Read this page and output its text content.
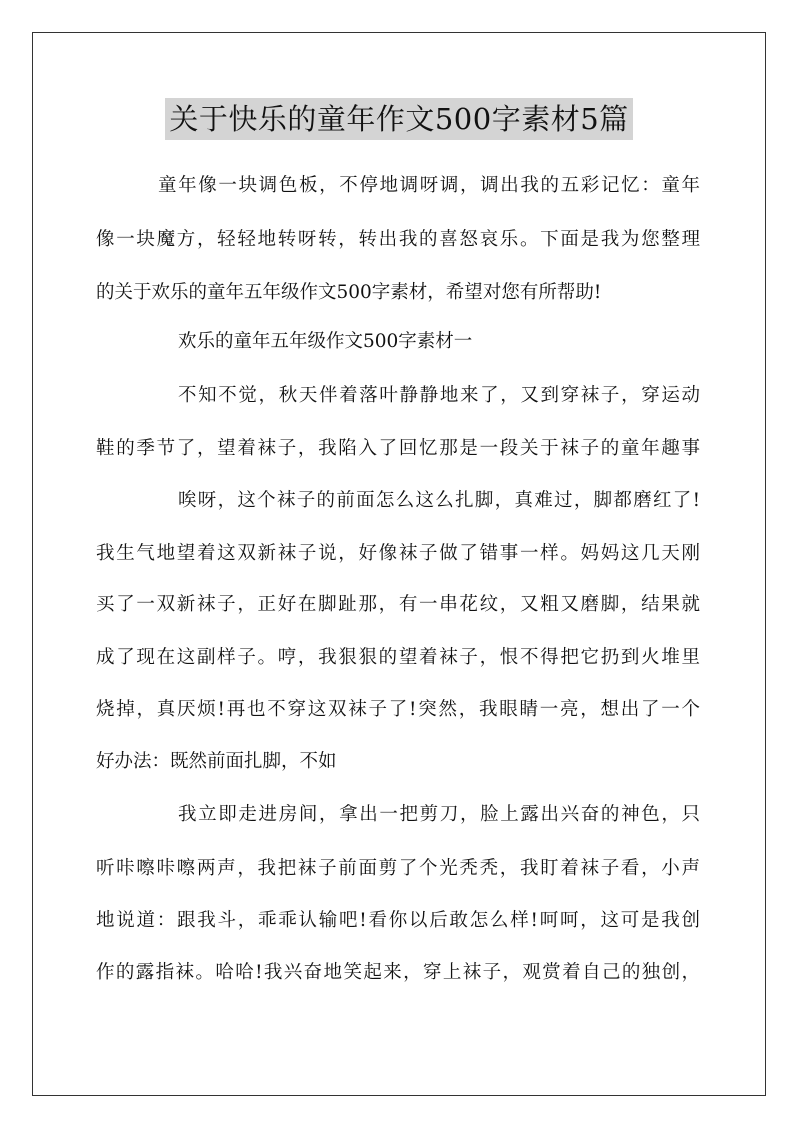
关于快乐的童年作文500字素材5篇
童年像一块调色板，不停地调呀调，调出我的五彩记忆：童年
像一块魔方，轻轻地转呀转，转出我的喜怒哀乐。下面是我为您整理
的关于欢乐的童年五年级作文500字素材，希望对您有所帮助!
欢乐的童年五年级作文500字素材一
不知不觉，秋天伴着落叶静静地来了，又到穿袜子，穿运动
鞋的季节了，望着袜子，我陷入了回忆那是一段关于袜子的童年趣事
唉呀，这个袜子的前面怎么这么扎脚，真难过，脚都磨红了!
我生气地望着这双新袜子说，好像袜子做了错事一样。妈妈这几天刚
买了一双新袜子，正好在脚趾那，有一串花纹，又粗又磨脚，结果就
成了现在这副样子。哼，我狠狠的望着袜子，恨不得把它扔到火堆里
烧掉，真厌烦!再也不穿这双袜子了!突然，我眼睛一亮，想出了一个
好办法：既然前面扎脚，不如
我立即走进房间，拿出一把剪刀，脸上露出兴奋的神色，只
听咔嚓咔嚓两声，我把袜子前面剪了个光秃秃，我盯着袜子看，小声
地说道：跟我斗，乖乖认输吧!看你以后敢怎么样!呵呵，这可是我创
作的露指袜。哈哈!我兴奋地笑起来，穿上袜子，观赏着自己的独创，
